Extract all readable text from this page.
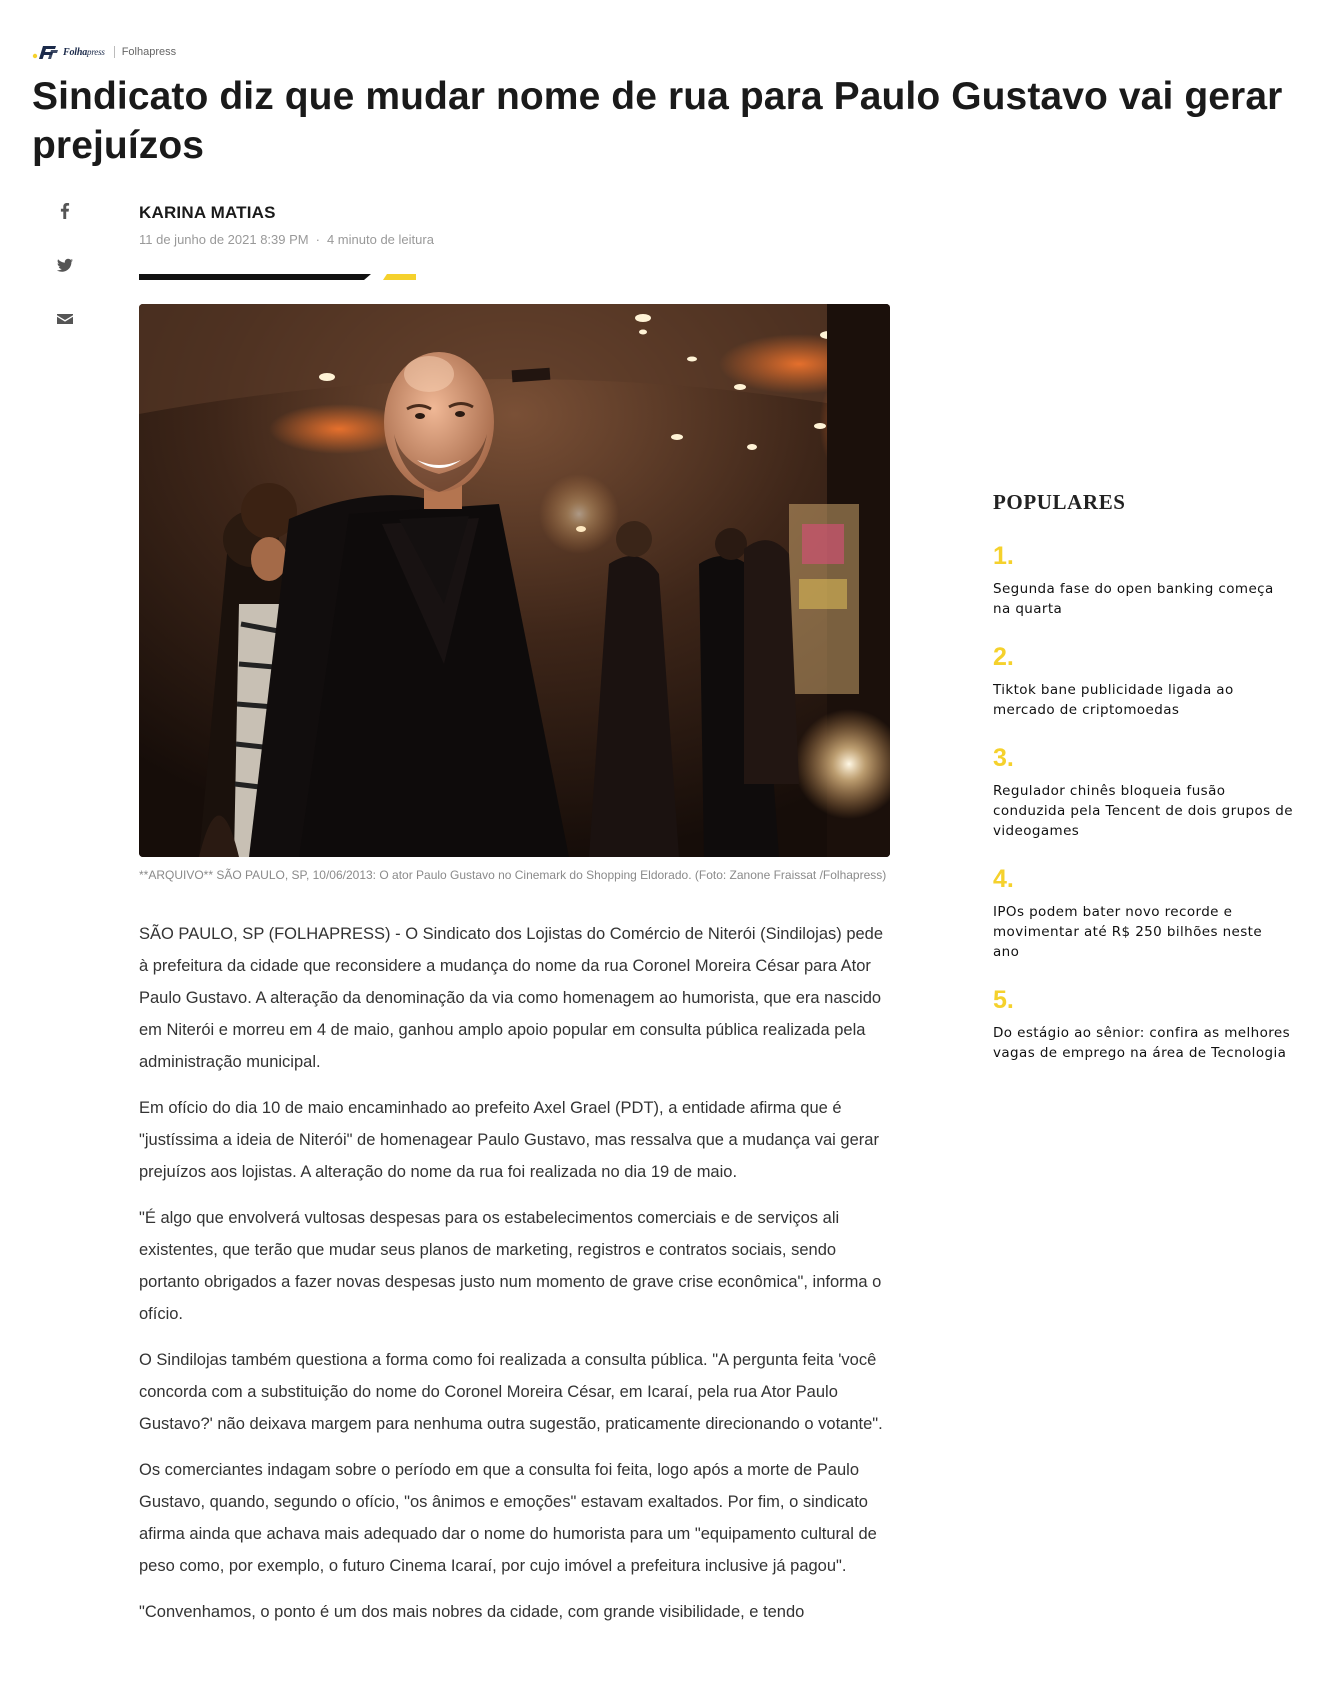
Folhapress Folhapress
Sindicato diz que mudar nome de rua para Paulo Gustavo vai gerar prejuízos
KARINA MATIAS
11 de junho de 2021 8:39 PM · 4 minuto de leitura
**ARQUIVO** SÃO PAULO, SP, 10/06/2013: O ator Paulo Gustavo no Cinemark do Shopping Eldorado. (Foto: Zanone Fraissat /Folhapress)

SÃO PAULO, SP (FOLHAPRESS) - O Sindicato dos Lojistas do Comércio de Niterói (Sindilojas) pede à prefeitura da cidade que reconsidere a mudança do nome da rua Coronel Moreira César para Ator Paulo Gustavo. A alteração da denominação da via como homenagem ao humorista, que era nascido em Niterói e morreu em 4 de maio, ganhou amplo apoio popular em consulta pública realizada pela administração municipal.

Em ofício do dia 10 de maio encaminhado ao prefeito Axel Grael (PDT), a entidade afirma que é "justíssima a ideia de Niterói" de homenagear Paulo Gustavo, mas ressalva que a mudança vai gerar prejuízos aos lojistas. A alteração do nome da rua foi realizada no dia 19 de maio.

"É algo que envolverá vultosas despesas para os estabelecimentos comerciais e de serviços ali existentes, que terão que mudar seus planos de marketing, registros e contratos sociais, sendo portanto obrigados a fazer novas despesas justo num momento de grave crise econômica", informa o ofício.

O Sindilojas também questiona a forma como foi realizada a consulta pública. "A pergunta feita 'você concorda com a substituição do nome do Coronel Moreira César, em Icaraí, pela rua Ator Paulo Gustavo?' não deixava margem para nenhuma outra sugestão, praticamente direcionando o votante".

Os comerciantes indagam sobre o período em que a consulta foi feita, logo após a morte de Paulo Gustavo, quando, segundo o ofício, "os ânimos e emoções" estavam exaltados. Por fim, o sindicato afirma ainda que achava mais adequado dar o nome do humorista para um "equipamento cultural de peso como, por exemplo, o futuro Cinema Icaraí, por cujo imóvel a prefeitura inclusive já pagou".

"Convenhamos, o ponto é um dos mais nobres da cidade, com grande visibilidade, e tendo

POPULARES
1.
Segunda fase do open banking começa na quarta
2.
Tiktok bane publicidade ligada ao mercado de criptomoedas
3.
Regulador chinês bloqueia fusão conduzida pela Tencent de dois grupos de videogames
4.
IPOs podem bater novo recorde e movimentar até R$ 250 bilhões neste ano
5.
Do estágio ao sênior: confira as melhores vagas de emprego na área de Tecnologia
